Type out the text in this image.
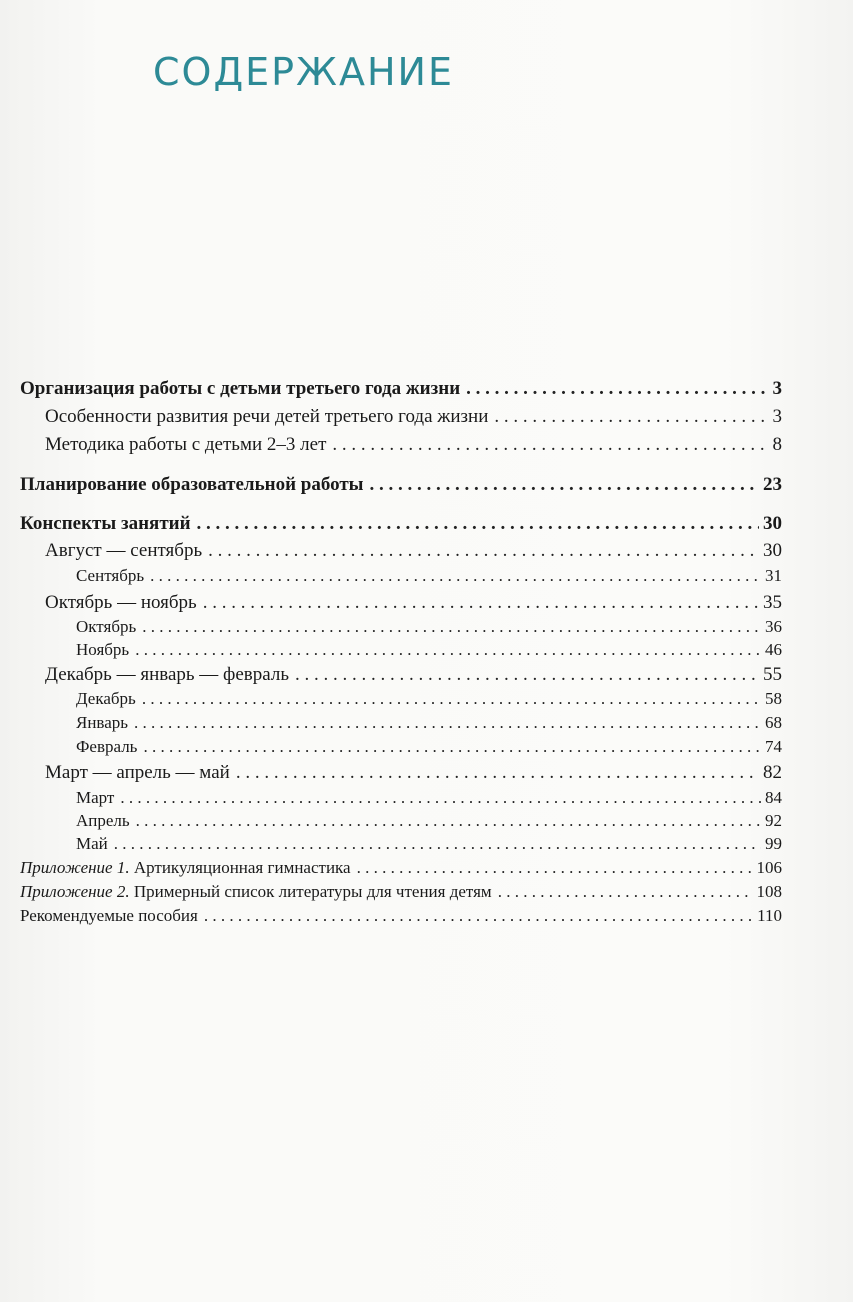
СОДЕРЖАНИЕ
Организация работы с детьми третьего года жизни . . .	3
Особенности развития речи детей третьего года жизни . . .	3
Методика работы с детьми 2–3 лет . . .	8
Планирование образовательной работы . . .	23
Конспекты занятий . . .	30
Август — сентябрь . . .	30
Сентябрь . . .	31
Октябрь — ноябрь . . .	35
Октябрь . . .	36
Ноябрь . . .	46
Декабрь — январь — февраль . . .	55
Декабрь . . .	58
Январь . . .	68
Февраль . . .	74
Март — апрель — май . . .	82
Март . . .	84
Апрель . . .	92
Май . . .	99
Приложение 1. Артикуляционная гимнастика . . .	106
Приложение 2. Примерный список литературы для чтения детям . . .	108
Рекомендуемые пособия . . .	110
